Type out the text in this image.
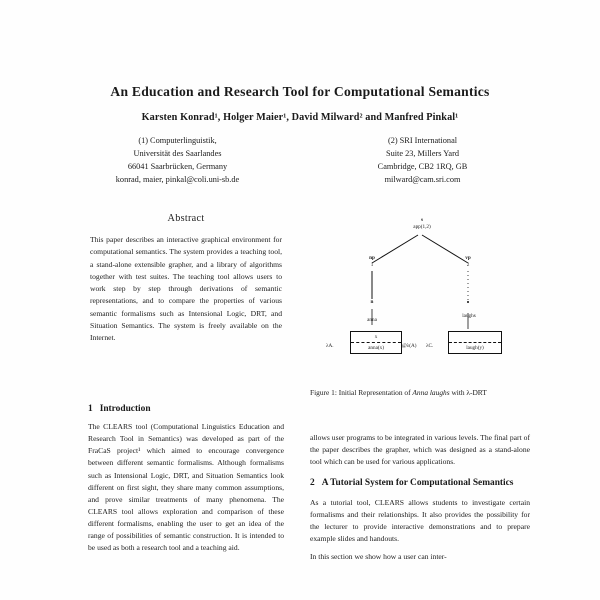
An Education and Research Tool for Computational Semantics
Karsten Konrad¹, Holger Maier¹, David Milward² and Manfred Pinkal¹
(1) Computerlinguistik,
Universität des Saarlandes
66041 Saarbrücken, Germany
konrad, maier, pinkal@coli.uni-sb.de
(2) SRI International
Suite 23, Millers Yard
Cambridge, CB2 1RQ, GB
milward@cam.sri.com
Abstract
This paper describes an interactive graphical environment for computational semantics. The system provides a teaching tool, a stand-alone extensible grapher, and a library of algorithms together with test suites. The teaching tool allows users to work step by step through derivations of semantic representations, and to compare the properties of various semantic formalisms such as Intensional Logic, DRT, and Situation Semantics. The system is freely available on the Internet.
1 Introduction

The CLEARS tool (Computational Linguistics Education and Research Tool in Semantics) was developed as part of the FraCaS project¹ which aimed to encourage convergence between different semantic formalisms. Although formalisms such as Intensional Logic, DRT, and Situation Semantics look different on first sight, they share many common assumptions, and prove similar treatments of many phenomena. The CLEARS tool allows exploration and comparison of these different formalisms, enabling the user to get an idea of the range of possibilities of semantic construction. It is intended to be used as both a research tool and a teaching aid.

s
app(1,2)
np
1
vp
2
n
anna
laughs
x
anna(x)
λA.	@λ(A)	laugh(y)
λC.
Figure 1: Initial Representation of Anna laughs with λ-DRT

allows user programs to be integrated in various levels. The final part of the paper describes the grapher, which was designed as a stand-alone tool which can be used for various applications.

2 A Tutorial System for Computational Semantics

As a tutorial tool, CLEARS allows students to investigate certain formalisms and their relationships. It also provides the possibility for the lecturer to provide interactive demonstrations and to prepare example slides and handouts.

In this section we show how a user can inter-
